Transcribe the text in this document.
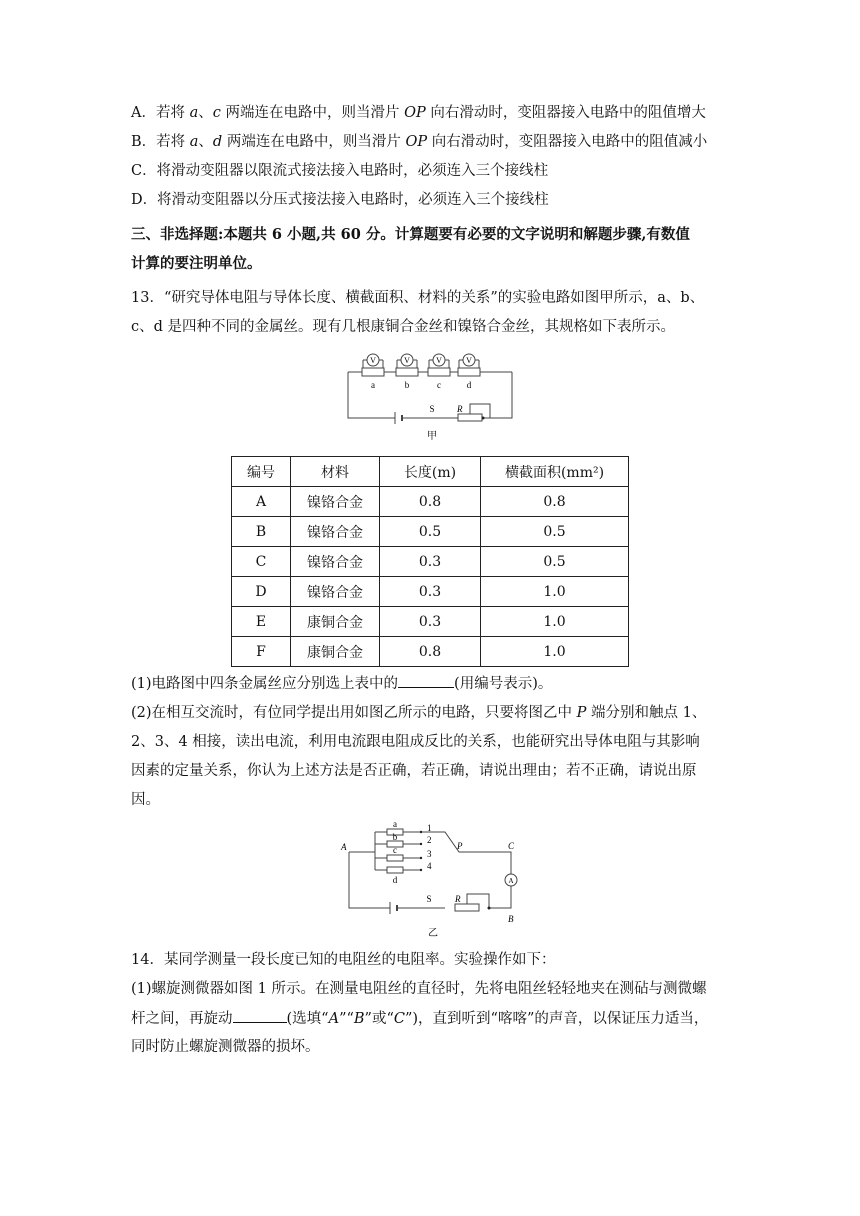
A．若将 a、c 两端连在电路中，则当滑片 OP 向右滑动时，变阻器接入电路中的阻值增大
B．若将 a、d 两端连在电路中，则当滑片 OP 向右滑动时，变阻器接入电路中的阻值减小
C．将滑动变阻器以限流式接法接入电路时，必须连入三个接线柱
D．将滑动变阻器以分压式接法接入电路时，必须连入三个接线柱
三、非选择题:本题共 6 小题,共 60 分。计算题要有必要的文字说明和解题步骤,有数值
计算的要注明单位。
13．“研究导体电阻与导体长度、横截面积、材料的关系”的实验电路如图甲所示，a、b、
c、d 是四种不同的金属丝。现有几根康铜合金丝和镍铬合金丝，其规格如下表所示。
V	V	V	V
a	b	c	d
S R
甲
编号	材料	长度(m)	横截面积(mm²)
A	镍铬合金	0.8	0.8
B	镍铬合金	0.5	0.5
C	镍铬合金	0.3	0.5
D	镍铬合金	0.3	1.0
E	康铜合金	0.3	1.0
F	康铜合金	0.8	1.0
(1)电路图中四条金属丝应分别选上表中的	(用编号表示)。
(2)在相互交流时，有位同学提出用如图乙所示的电路，只要将图乙中 P 端分别和触点 1、
2、3、4 相接，读出电流，利用电流跟电阻成反比的关系，也能研究出导体电阻与其影响
因素的定量关系，你认为上述方法是否正确，若正确，请说出理由；若不正确，请说出原
因。
a
b
c
d
1
2
3
4
A	P	C
B
A
S	R
乙
14．某同学测量一段长度已知的电阻丝的电阻率。实验操作如下：
(1)螺旋测微器如图 1 所示。在测量电阻丝的直径时，先将电阻丝轻轻地夹在测砧与测微螺
杆之间，再旋动	(选填“A”“B”或“C”)，直到听到“喀喀”的声音，以保证压力适当，
同时防止螺旋测微器的损坏。
